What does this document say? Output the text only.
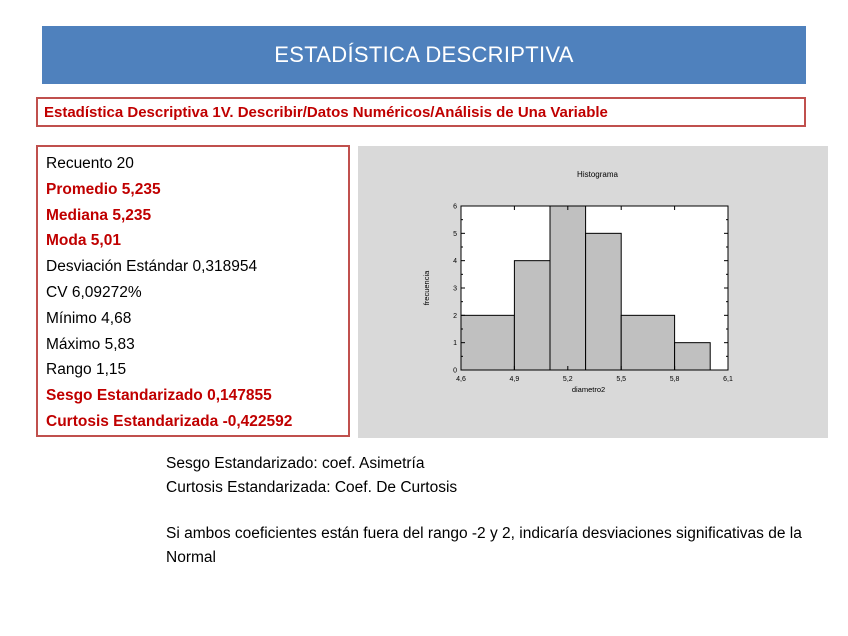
ESTADÍSTICA DESCRIPTIVA
Estadística Descriptiva 1V. Describir/Datos Numéricos/Análisis de Una Variable
Recuento 20
Promedio 5,235
Mediana 5,235
Moda 5,01
Desviación Estándar 0,318954
CV 6,09272%
Mínimo 4,68
Máximo 5,83
Rango 1,15
Sesgo Estandarizado 0,147855
Curtosis Estandarizada -0,422592
0
1
2
3
4
5
6
4,6	4,9	5,2	5,5	5,8	6,1
Histograma
diametro2
frecuencia

Sesgo Estandarizado: coef. Asimetría

Curtosis Estandarizada: Coef. De Curtosis

Si ambos coeficientes están fuera del rango -2 y 2, indicaría desviaciones significativas de la Normal
